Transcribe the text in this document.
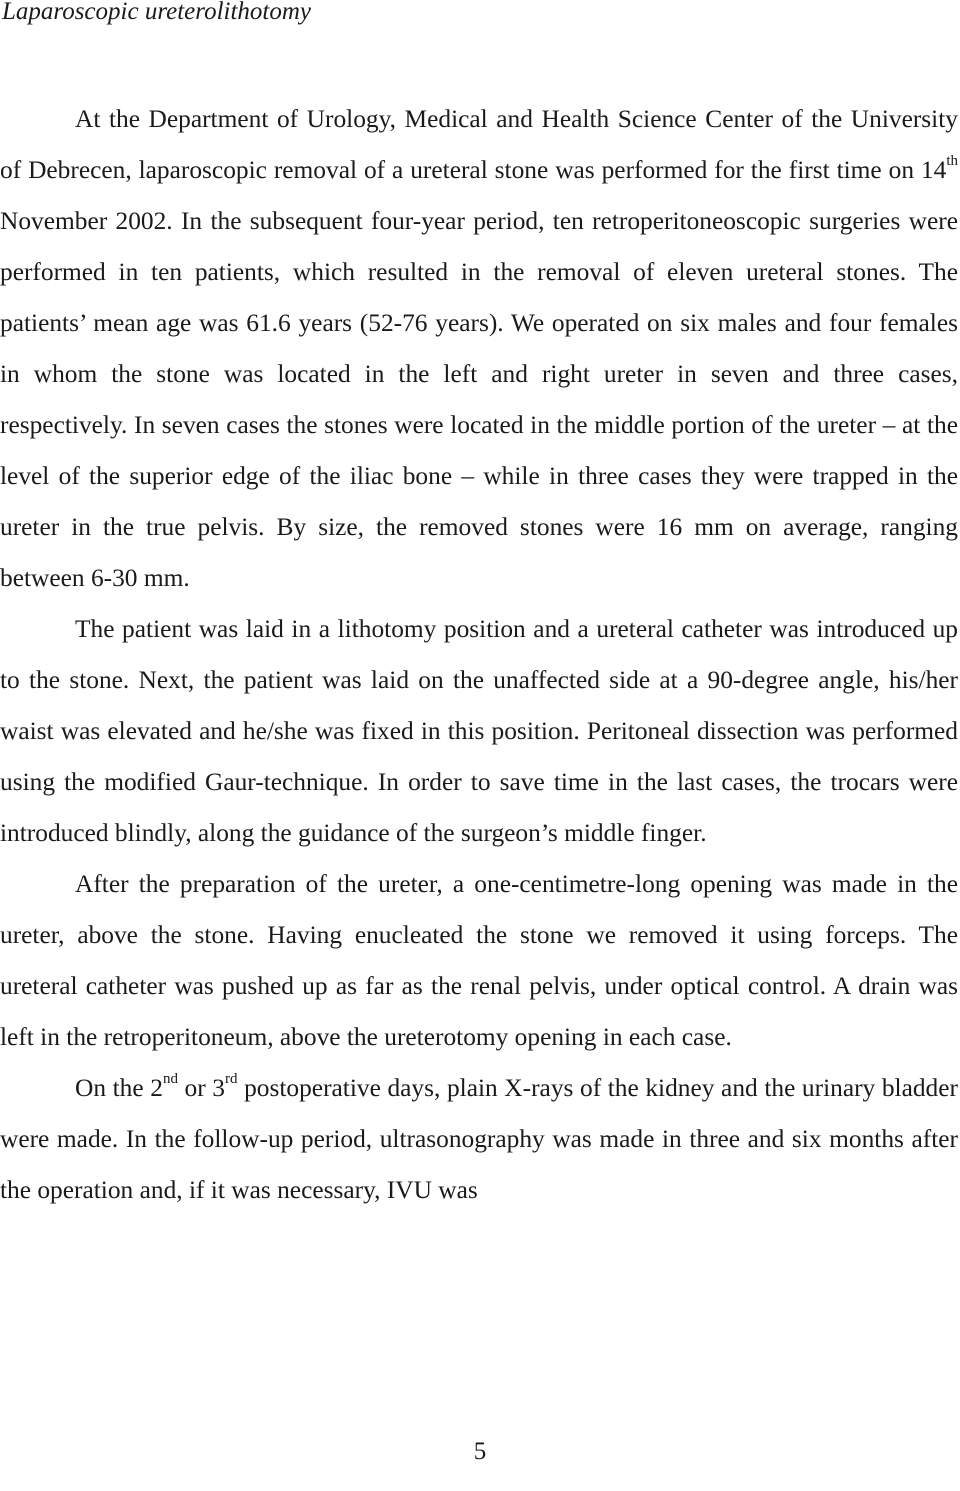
Laparoscopic ureterolithotomy

At the Department of Urology, Medical and Health Science Center of the University of Debrecen, laparoscopic removal of a ureteral stone was performed for the first time on 14th November 2002. In the subsequent four-year period, ten retroperitoneoscopic surgeries were performed in ten patients, which resulted in the removal of eleven ureteral stones. The patients’ mean age was 61.6 years (52-76 years). We operated on six males and four females in whom the stone was located in the left and right ureter in seven and three cases, respectively. In seven cases the stones were located in the middle portion of the ureter – at the level of the superior edge of the iliac bone – while in three cases they were trapped in the ureter in the true pelvis. By size, the removed stones were 16 mm on average, ranging between 6-30 mm.

The patient was laid in a lithotomy position and a ureteral catheter was introduced up to the stone. Next, the patient was laid on the unaffected side at a 90-degree angle, his/her waist was elevated and he/she was fixed in this position. Peritoneal dissection was performed using the modified Gaur-technique. In order to save time in the last cases, the trocars were introduced blindly, along the guidance of the surgeon’s middle finger.

After the preparation of the ureter, a one-centimetre-long opening was made in the ureter, above the stone. Having enucleated the stone we removed it using forceps. The ureteral catheter was pushed up as far as the renal pelvis, under optical control. A drain was left in the retroperitoneum, above the ureterotomy opening in each case.

On the 2nd or 3rd postoperative days, plain X-rays of the kidney and the urinary bladder were made. In the follow-up period, ultrasonography was made in three and six months after the operation and, if it was necessary, IVU was

5
